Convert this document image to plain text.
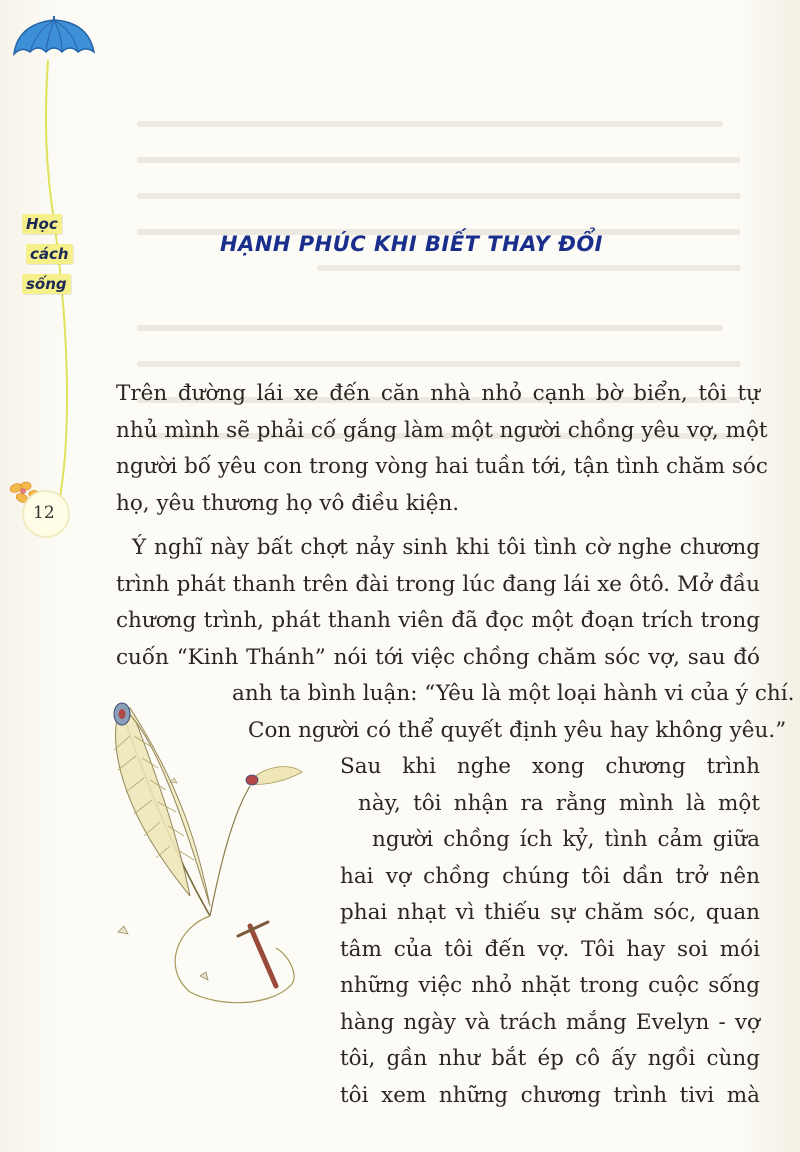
Học
cách
sống
12
HẠNH PHÚC KHI BIẾT THAY ĐỔI
Trên đường lái xe đến căn nhà nhỏ cạnh bờ biển, tôi tự
nhủ mình sẽ phải cố gắng làm một người chồng yêu vợ, một
người bố yêu con trong vòng hai tuần tới, tận tình chăm sóc
họ, yêu thương họ vô điều kiện.
Ý nghĩ này bất chợt nảy sinh khi tôi tình cờ nghe chương
trình phát thanh trên đài trong lúc đang lái xe ôtô. Mở đầu
chương trình, phát thanh viên đã đọc một đoạn trích trong
cuốn “Kinh Thánh” nói tới việc chồng chăm sóc vợ, sau đó
anh ta bình luận: “Yêu là một loại hành vi của ý chí.
Con người có thể quyết định yêu hay không yêu.”
Sau khi nghe xong chương trình
này, tôi nhận ra rằng mình là một
người chồng ích kỷ, tình cảm giữa
hai vợ chồng chúng tôi dần trở nên
phai nhạt vì thiếu sự chăm sóc, quan
tâm của tôi đến vợ. Tôi hay soi mói
những việc nhỏ nhặt trong cuộc sống
hàng ngày và trách mắng Evelyn - vợ
tôi, gần như bắt ép cô ấy ngồi cùng
tôi xem những chương trình tivi mà
